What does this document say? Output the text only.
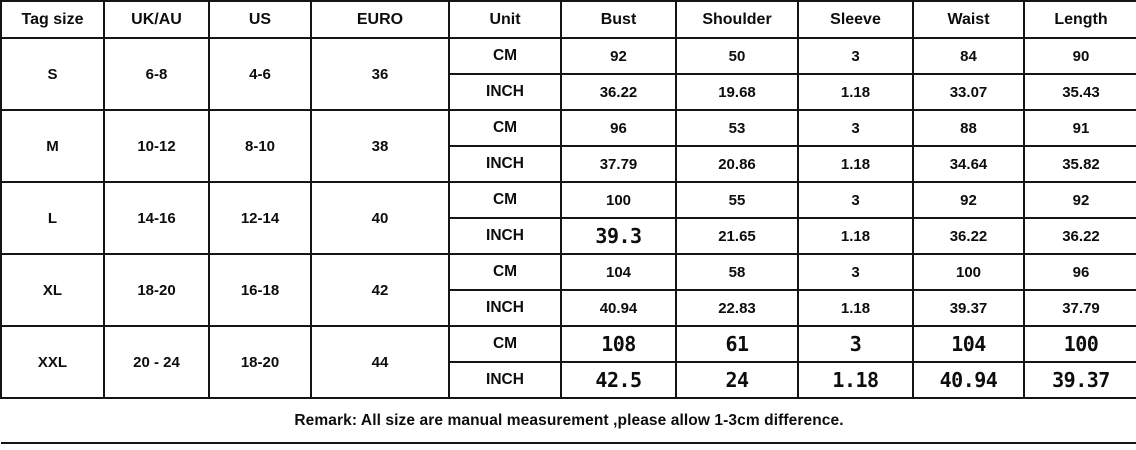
Tag size	UK/AU	US	EURO	Unit	Bust	Shoulder	Sleeve	Waist	Length
S	6-8	4-6	36	CM	92	50	3	84	90
				INCH	36.22	19.68	1.18	33.07	35.43
M	10-12	8-10	38	CM	96	53	3	88	91
				INCH	37.79	20.86	1.18	34.64	35.82
L	14-16	12-14	40	CM	100	55	3	92	92
				INCH	39.3	21.65	1.18	36.22	36.22
XL	18-20	16-18	42	CM	104	58	3	100	96
				INCH	40.94	22.83	1.18	39.37	37.79
XXL	20 - 24	18-20	44	CM	108	61	3	104	100
				INCH	42.5	24	1.18	40.94	39.37
Remark: All size are manual measurement ,please allow 1-3cm difference.									
